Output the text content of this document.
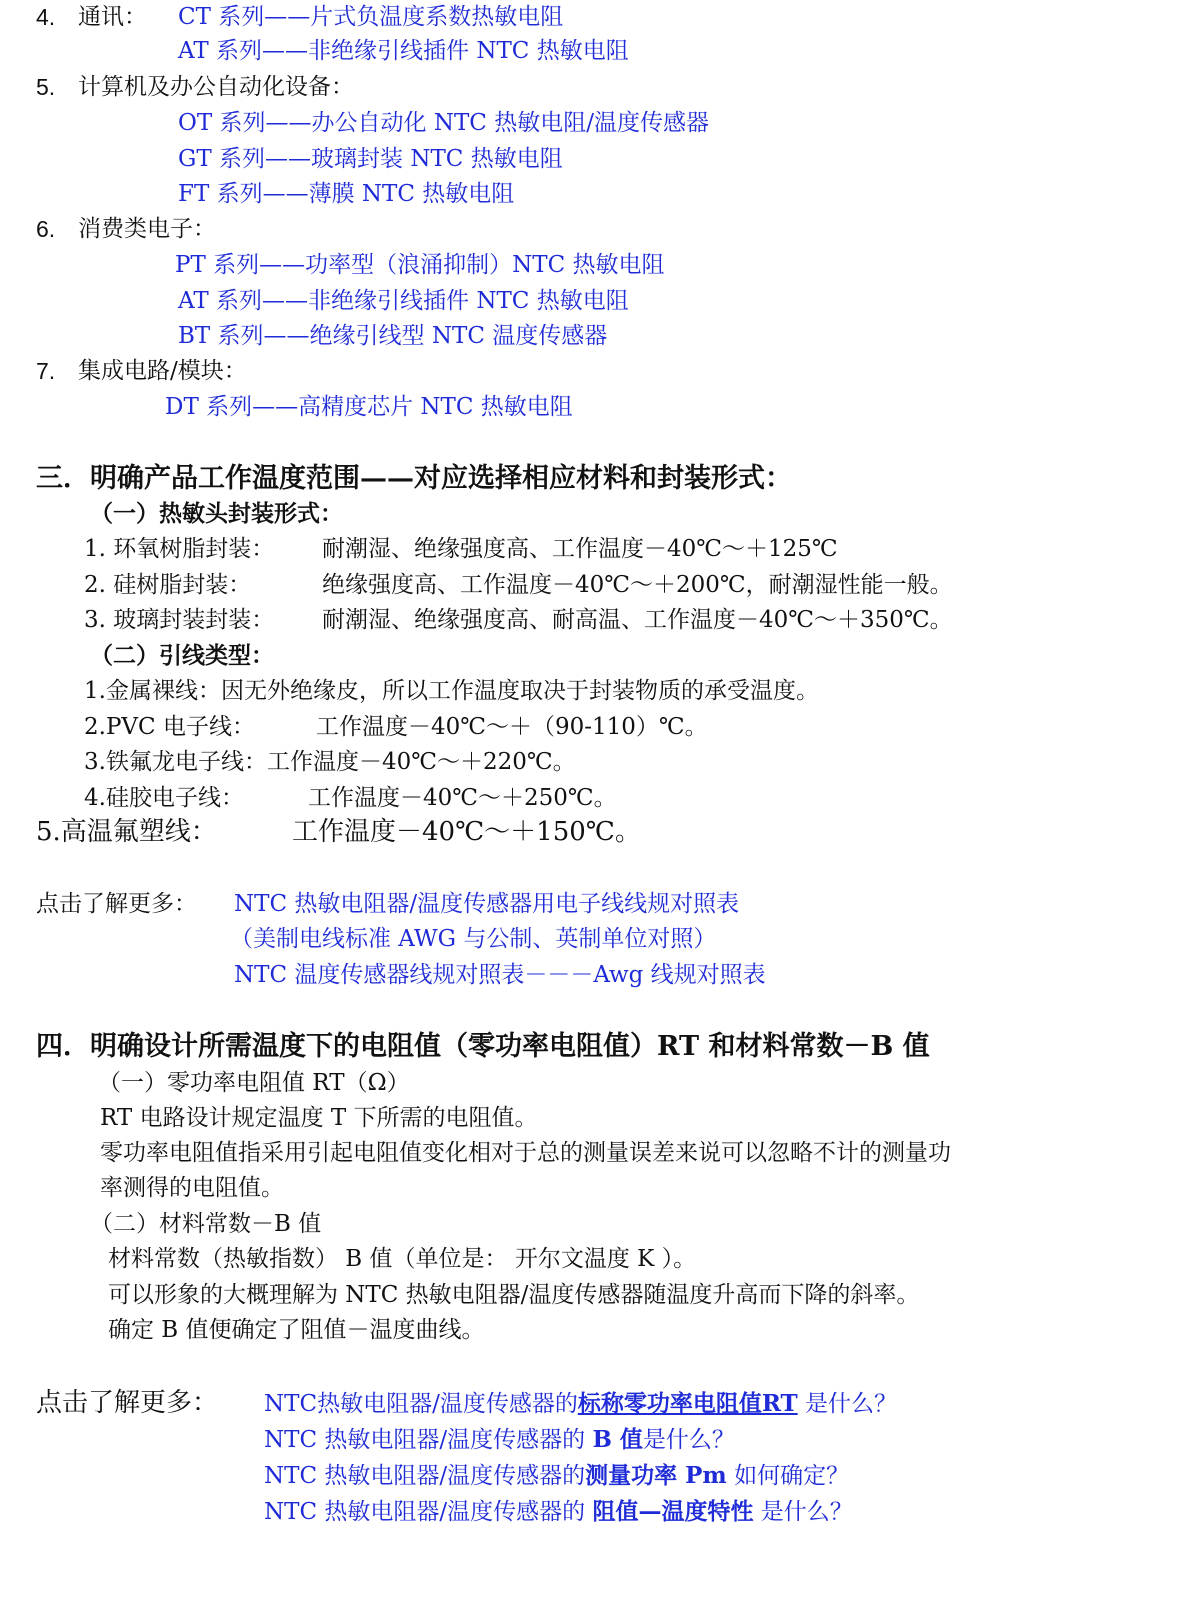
4. 通讯： CT 系列——片式负温度系数热敏电阻
AT 系列——非绝缘引线插件 NTC 热敏电阻
5. 计算机及办公自动化设备：
OT 系列——办公自动化 NTC 热敏电阻/温度传感器
GT 系列——玻璃封装 NTC 热敏电阻
FT 系列——薄膜 NTC 热敏电阻
6. 消费类电子：
PT 系列——功率型（浪涌抑制）NTC 热敏电阻
AT 系列——非绝缘引线插件 NTC 热敏电阻
BT 系列——绝缘引线型 NTC 温度传感器
7. 集成电路/模块：
DT 系列——高精度芯片 NTC 热敏电阻
三．明确产品工作温度范围——对应选择相应材料和封装形式：
（一）热敏头封装形式：
1. 环氧树脂封装： 耐潮湿、绝缘强度高、工作温度－40℃～＋125℃
2. 硅树脂封装：	绝缘强度高、工作温度－40℃～＋200℃，耐潮湿性能一般。
3. 玻璃封装封装： 耐潮湿、绝缘强度高、耐高温、工作温度－40℃～＋350℃。
（二）引线类型：
1.金属裸线：因无外绝缘皮，所以工作温度取决于封装物质的承受温度。
2.PVC 电子线：	工作温度－40℃～＋（90-110）℃。
3.铁氟龙电子线：工作温度－40℃～＋220℃。
4.硅胶电子线：	工作温度－40℃～＋250℃。
5.高温氟塑线：	工作温度－40℃～＋150℃。
点击了解更多： NTC 热敏电阻器/温度传感器用电子线线规对照表
（美制电线标准 AWG 与公制、英制单位对照）
NTC 温度传感器线规对照表－－－Awg 线规对照表
四．明确设计所需温度下的电阻值（零功率电阻值）RT 和材料常数－B 值
（一）零功率电阻值 RT（Ω）
RT 电路设计规定温度 T 下所需的电阻值。
零功率电阻值指采用引起电阻值变化相对于总的测量误差来说可以忽略不计的测量功
率测得的电阻值。
（二）材料常数－B 值
材料常数（热敏指数） B 值（单位是： 开尔文温度 K ）。
可以形象的大概理解为 NTC 热敏电阻器/温度传感器随温度升高而下降的斜率。
确定 B 值便确定了阻值－温度曲线。
点击了解更多： NTC热敏电阻器/温度传感器的标称零功率电阻值RT 是什么？
NTC 热敏电阻器/温度传感器的 B 值是什么？
NTC 热敏电阻器/温度传感器的测量功率 Pm 如何确定？
NTC 热敏电阻器/温度传感器的 阻值—温度特性 是什么？
